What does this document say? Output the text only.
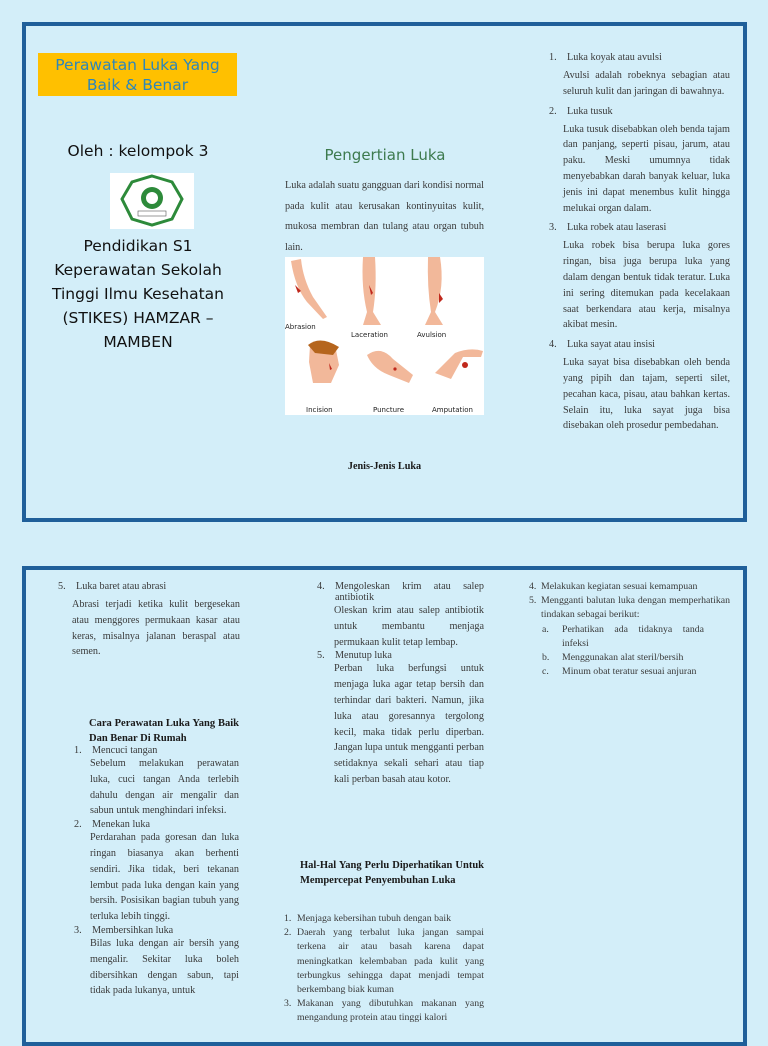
Perawatan Luka Yang Baik & Benar
Oleh : kelompok 3
Pendidikan S1 Keperawatan Sekolah Tinggi Ilmu Kesehatan (STIKES) HAMZAR – MAMBEN
Pengertian Luka
Luka adalah suatu gangguan dari kondisi normal pada kulit atau kerusakan kontinyuitas kulit, mukosa membran dan tulang atau organ tubuh lain.
Abrasion
Laceration	Avulsion
Incision	Puncture	Amputation
Jenis-Jenis Luka
1.	Luka koyak atau avulsi
Avulsi adalah robeknya sebagian atau seluruh kulit dan jaringan di bawahnya.
2.	Luka tusuk
Luka tusuk disebabkan oleh benda tajam dan panjang, seperti pisau, jarum, atau paku. Meski umumnya tidak menyebabkan darah banyak keluar, luka jenis ini dapat menembus kulit hingga melukai organ dalam.
3.	Luka robek atau laserasi
Luka robek bisa berupa luka gores ringan, bisa juga berupa luka yang dalam dengan bentuk tidak teratur. Luka ini sering ditemukan pada kecelakaan saat berkendara atau kerja, misalnya akibat mesin.
4.	Luka sayat atau insisi
Luka sayat bisa disebabkan oleh benda yang pipih dan tajam, seperti silet, pecahan kaca, pisau, atau bahkan kertas. Selain itu, luka sayat juga bisa disebakan oleh prosedur pembedahan.
5.	Luka baret atau abrasi
Abrasi terjadi ketika kulit bergesekan atau menggores permukaan kasar atau keras, misalnya jalanan beraspal atau semen.
Cara Perawatan Luka Yang Baik Dan Benar Di Rumah
1.	Mencuci tangan
Sebelum melakukan perawatan luka, cuci tangan Anda terlebih dahulu dengan air mengalir dan sabun untuk menghindari infeksi.
2.	Menekan luka
Perdarahan pada goresan dan luka ringan biasanya akan berhenti sendiri. Jika tidak, beri tekanan lembut pada luka dengan kain yang bersih. Posisikan bagian tubuh yang terluka lebih tinggi.
3.	Membersihkan luka
Bilas luka dengan air bersih yang mengalir. Sekitar luka boleh dibersihkan dengan sabun, tapi tidak pada lukanya, untuk
4.	Mengoleskan krim atau salep antibiotik
Oleskan krim atau salep antibiotik untuk membantu menjaga permukaan kulit tetap lembap.
5.	Menutup luka
Perban luka berfungsi untuk menjaga luka agar tetap bersih dan terhindar dari bakteri. Namun, jika luka atau goresannya tergolong kecil, maka tidak perlu diperban. Jangan lupa untuk mengganti perban setidaknya sekali sehari atau tiap kali perban basah atau kotor.
Hal-Hal Yang Perlu Diperhatikan Untuk Mempercepat Penyembuhan Luka
1. Menjaga kebersihan tubuh dengan baik
2. Daerah yang terbalut luka jangan sampai terkena air atau basah karena dapat meningkatkan kelembaban pada kulit yang terbungkus sehingga dapat menjadi tempat berkembang biak kuman
3. Makanan yang dibutuhkan makanan yang mengandung protein atau tinggi kalori
4. Melakukan kegiatan sesuai kemampuan
5. Mengganti balutan luka dengan memperhatikan tindakan sebagai berikut:
a.	Perhatikan ada tidaknya tanda infeksi
b.	Menggunakan alat steril/bersih
c.	Minum obat teratur sesuai anjuran
